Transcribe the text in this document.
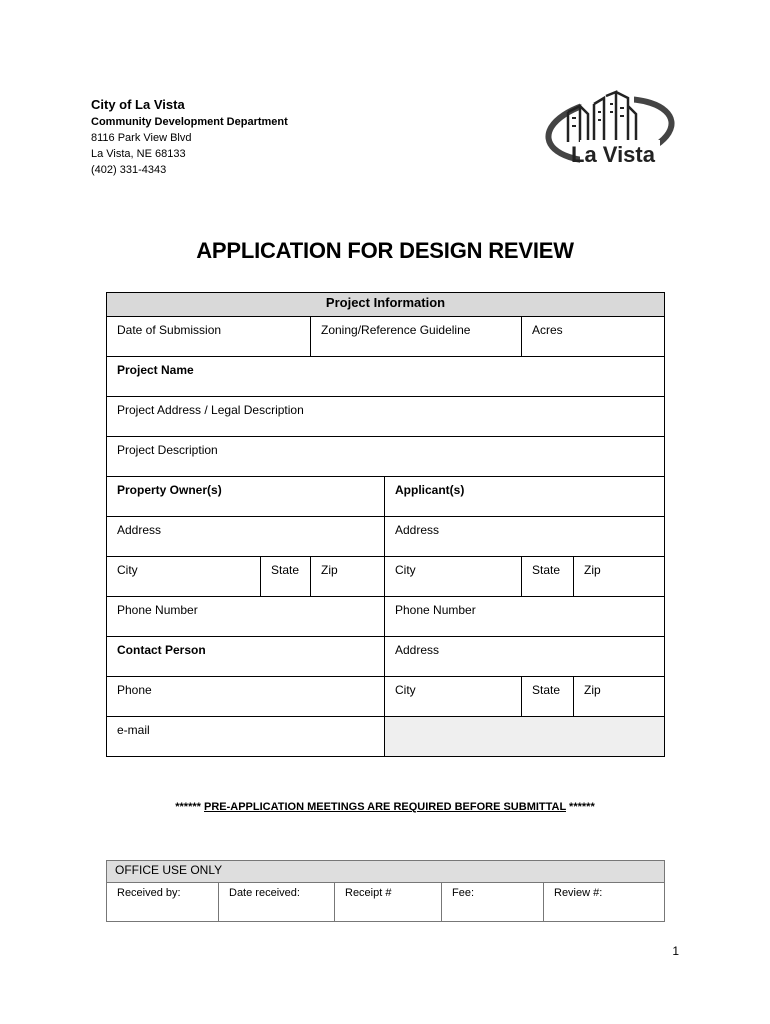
City of La Vista
Community Development Department
8116 Park View Blvd
La Vista, NE 68133
(402) 331-4343
La Vista
APPLICATION FOR DESIGN REVIEW
Project Information					
Date of Submission		Zoning/Reference Guideline		Acres	
Project Name					
Project Address / Legal Description					
Project Description					
Property Owner(s)			Applicant(s)		
Address			Address		
City	State	Zip	City	State	Zip
Phone Number			Phone Number		
Contact Person			Address		
Phone			City	State	Zip
e-mail					
****** PRE-APPLICATION MEETINGS ARE REQUIRED BEFORE SUBMITTAL ******
OFFICE USE ONLY
Received by:	Date received:	Receipt #	Fee:	Review #:
1
